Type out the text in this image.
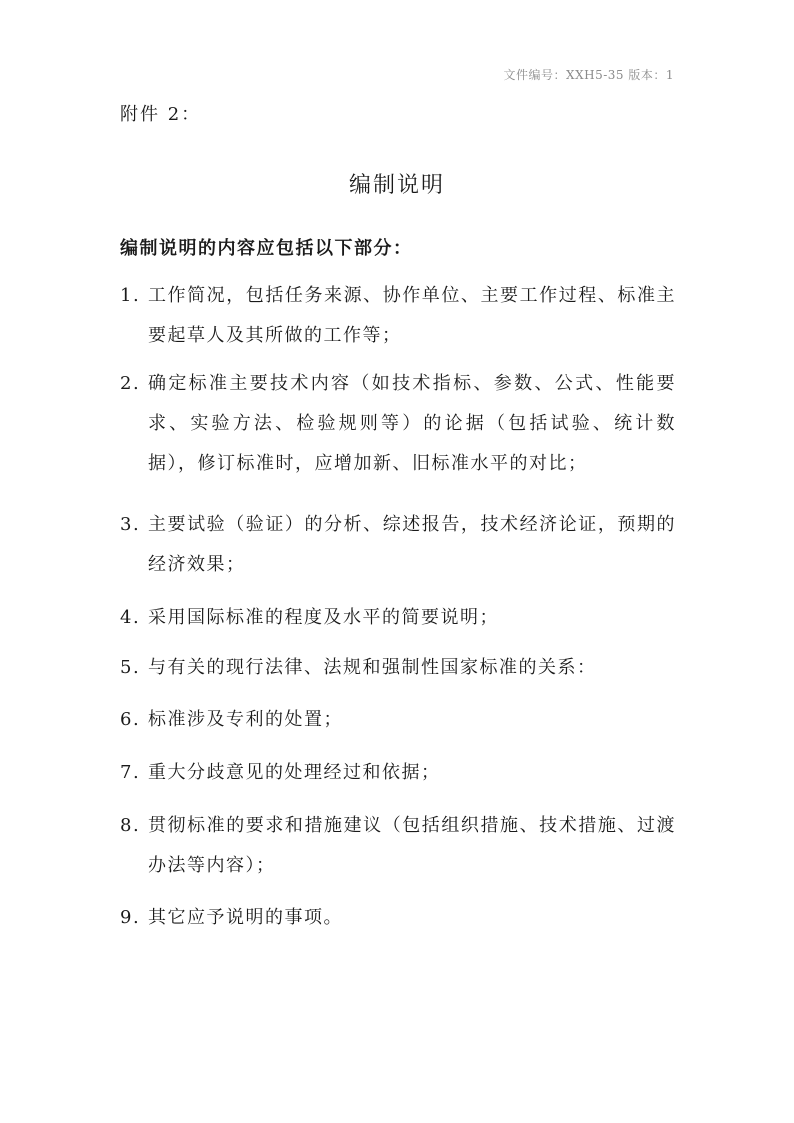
文件编号：XXH5-35 版本：1
附件 2：
编制说明
编制说明的内容应包括以下部分：
1. 工作简况，包括任务来源、协作单位、主要工作过程、标准主要起草人及其所做的工作等；
2. 确定标准主要技术内容（如技术指标、参数、公式、性能要求、实验方法、检验规则等）的论据（包括试验、统计数据），修订标准时，应增加新、旧标准水平的对比；
3. 主要试验（验证）的分析、综述报告，技术经济论证，预期的经济效果；
4. 采用国际标准的程度及水平的简要说明；
5. 与有关的现行法律、法规和强制性国家标准的关系：
6. 标准涉及专利的处置；
7. 重大分歧意见的处理经过和依据；
8. 贯彻标准的要求和措施建议（包括组织措施、技术措施、过渡办法等内容）；
9. 其它应予说明的事项。
